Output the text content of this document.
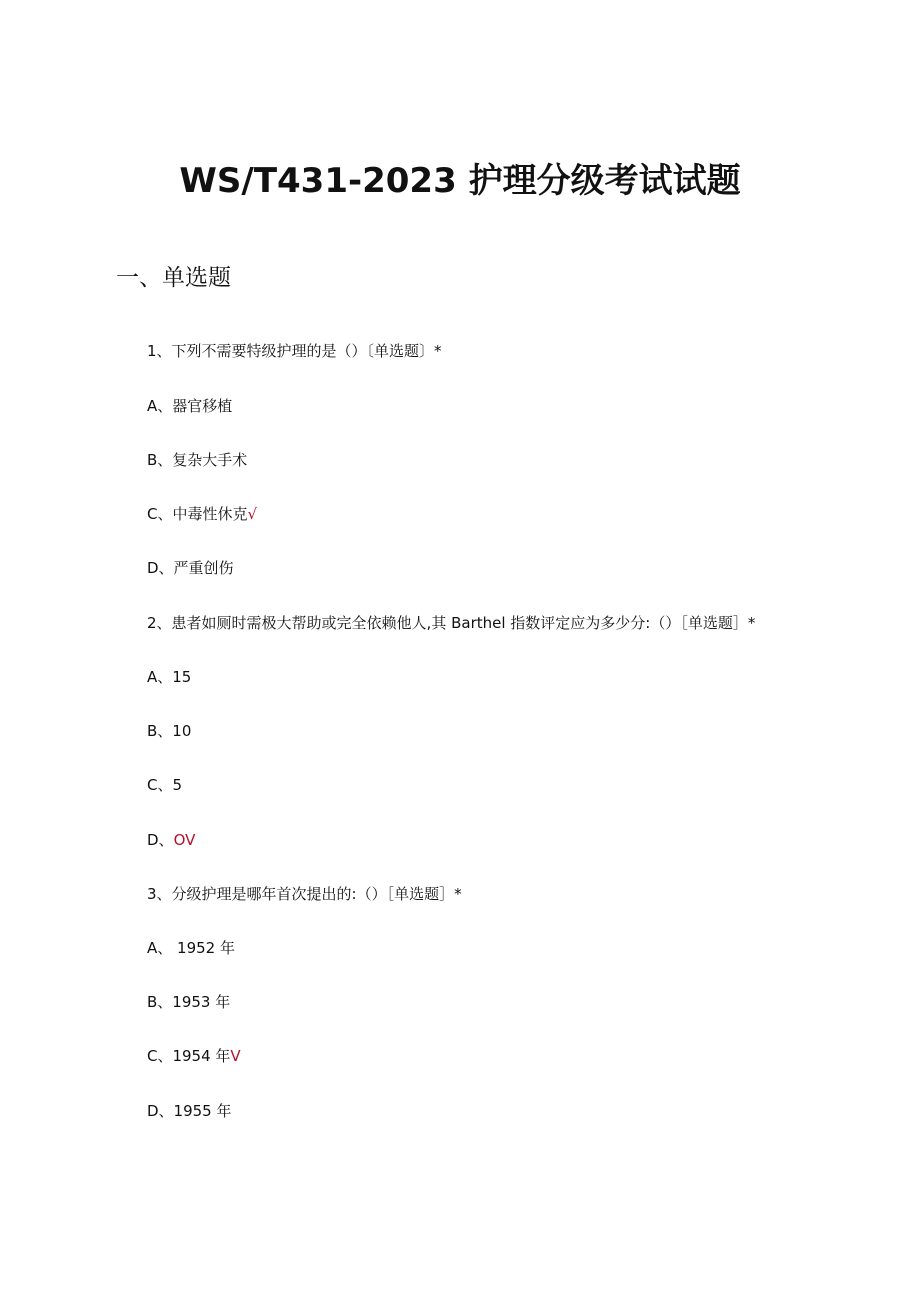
WS/T431-2023 护理分级考试试题
一、单选题
1、下列不需要特级护理的是（）〔单选题〕*
A、器官移植
B、复杂大手术
C、中毒性休克√
D、严重创伤
2、患者如厕时需极大帮助或完全依赖他人,其 Barthel 指数评定应为多少分:（）［单选题］*
A、15
B、10
C、5
D、OV
3、分级护理是哪年首次提出的:（）［单选题］*
A、 1952 年
B、1953 年
C、1954 年V
D、1955 年
